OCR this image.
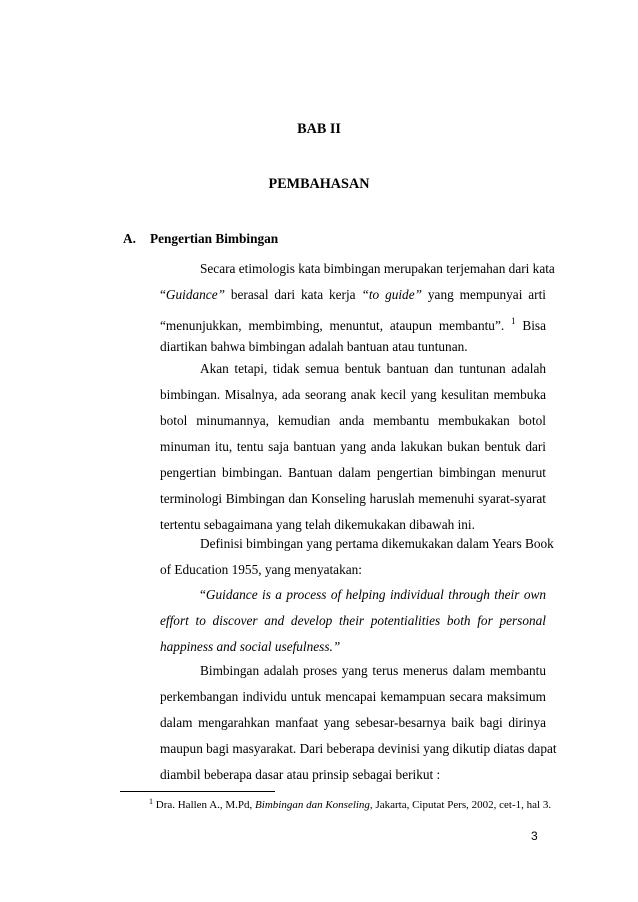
BAB II
PEMBAHASAN
A. Pengertian Bimbingan
Secara etimologis kata bimbingan merupakan terjemahan dari kata
“Guidance” berasal dari kata kerja “to guide” yang mempunyai arti
“menunjukkan, membimbing, menuntut, ataupun membantu”. $^1$ Bisa
diartikan bahwa bimbingan adalah bantuan atau tuntunan.
Akan tetapi, tidak semua bentuk bantuan dan tuntunan adalah
bimbingan. Misalnya, ada seorang anak kecil yang kesulitan membuka
botol minumannya, kemudian anda membantu membukakan botol
minuman itu, tentu saja bantuan yang anda lakukan bukan bentuk dari
pengertian bimbingan. Bantuan dalam pengertian bimbingan menurut
terminologi Bimbingan dan Konseling haruslah memenuhi syarat-syarat
tertentu sebagaimana yang telah dikemukakan dibawah ini.
Definisi bimbingan yang pertama dikemukakan dalam Years Book
of Education 1955, yang menyatakan:
“Guidance is a process of helping individual through their own
effort to discover and develop their potentialities both for personal
happiness and social usefulness.”
Bimbingan adalah proses yang terus menerus dalam membantu
perkembangan individu untuk mencapai kemampuan secara maksimum
dalam mengarahkan manfaat yang sebesar-besarnya baik bagi dirinya
maupun bagi masyarakat. Dari beberapa devinisi yang dikutip diatas dapat
diambil beberapa dasar atau prinsip sebagai berikut :
$^1$ Dra. Hallen A., M.Pd, Bimbingan dan Konseling, Jakarta, Ciputat Pers, 2002, cet-1, hal 3.
3
